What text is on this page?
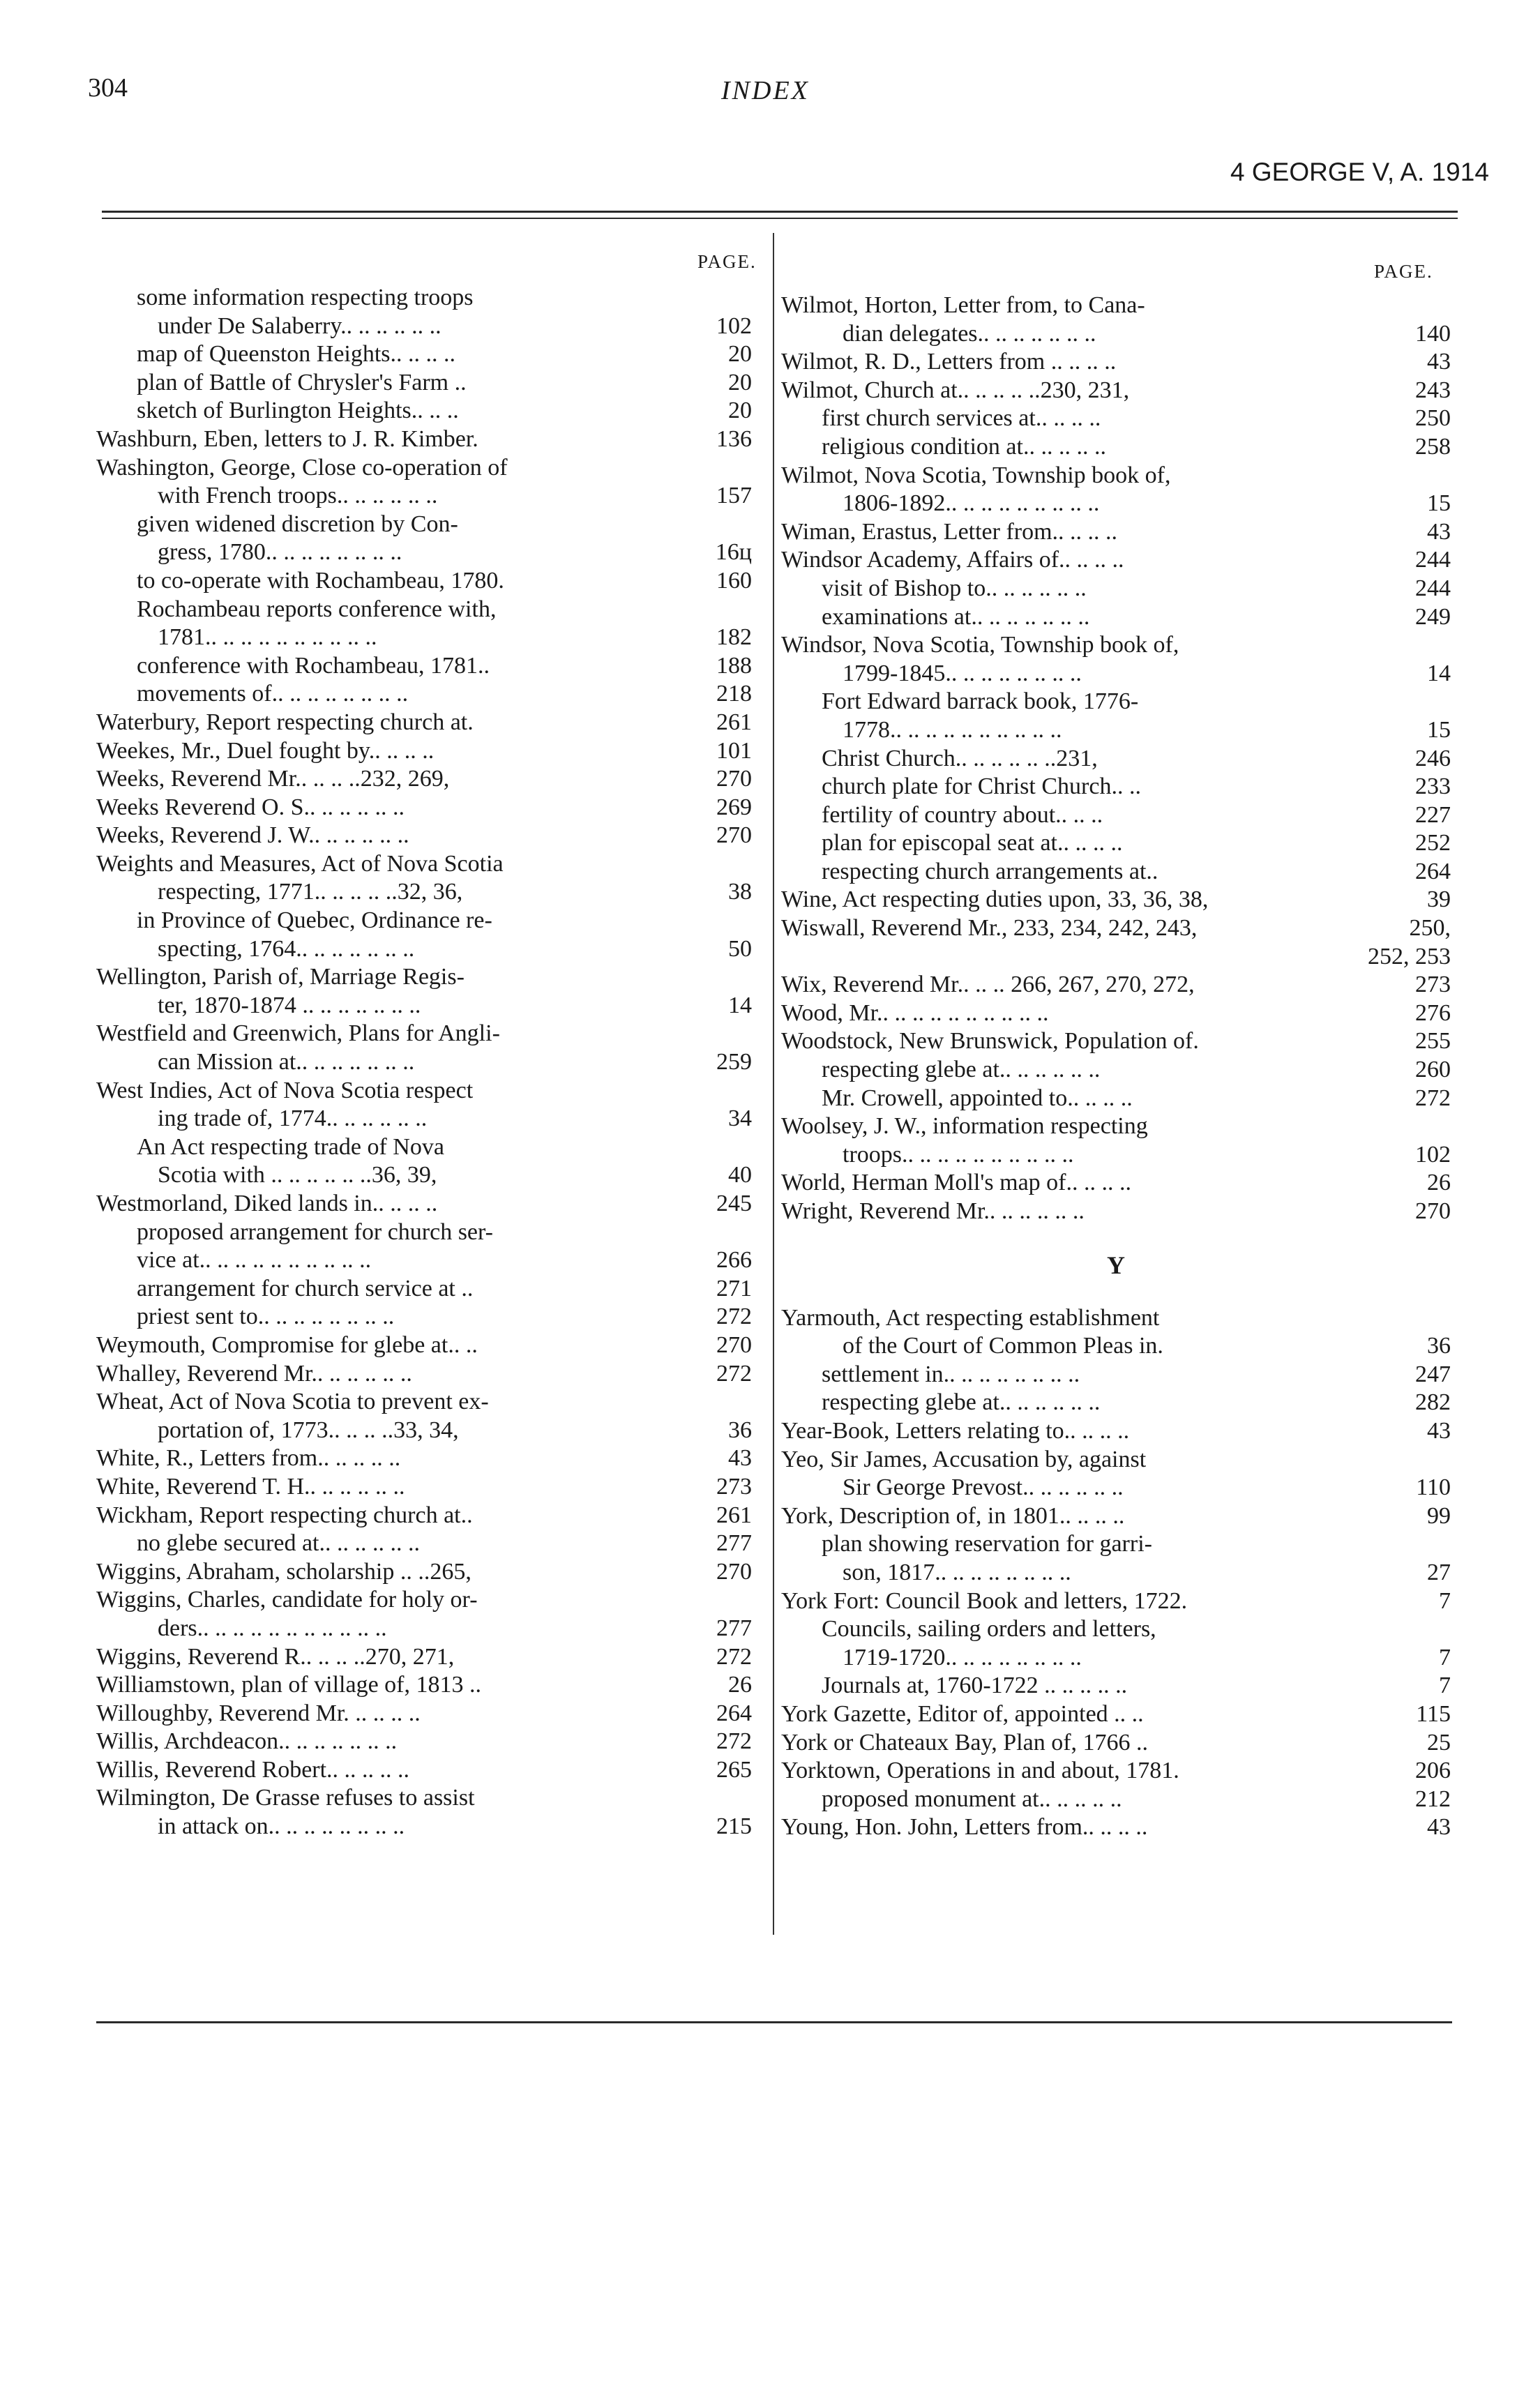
304	INDEX
4 GEORGE V, A. 1914
PAGE.	PAGE.
some information respecting troops
under De Salaberry.. .. .. .. .. ..	102
map of Queenston Heights.. .. .. ..	20
plan of Battle of Chrysler's Farm ..	20
sketch of Burlington Heights.. .. ..	20
Washburn, Eben, letters to J. R. Kimber.	136
Washington, George, Close co-operation of
with French troops.. .. .. .. .. ..	157
given widened discretion by Con-
gress, 1780.. .. .. .. .. .. .. ..	16ц
to co-operate with Rochambeau, 1780.	160
Rochambeau reports conference with,
1781.. .. .. .. .. .. .. .. .. ..	182
conference with Rochambeau, 1781..	188
movements of.. .. .. .. .. .. .. ..	218
Waterbury, Report respecting church at.	261
Weekes, Mr., Duel fought by.. .. .. ..	101
Weeks, Reverend Mr.. .. .. ..232, 269,	270
Weeks Reverend O. S.. .. .. .. .. ..	269
Weeks, Reverend J. W.. .. .. .. .. ..	270
Weights and Measures, Act of Nova Scotia
respecting, 1771.. .. .. .. ..32, 36,	38
in Province of Quebec, Ordinance re-
specting, 1764.. .. .. .. .. .. ..	50
Wellington, Parish of, Marriage Regis-
ter, 1870-1874 .. .. .. .. .. .. ..	14
Westfield and Greenwich, Plans for Angli-
can Mission at.. .. .. .. .. .. ..	259
West Indies, Act of Nova Scotia respect
ing trade of, 1774.. .. .. .. .. ..	34
An Act respecting trade of Nova
Scotia with .. .. .. .. .. ..36, 39,	40
Westmorland, Diked lands in.. .. .. ..	245
proposed arrangement for church ser-
vice at.. .. .. .. .. .. .. .. .. ..	266
arrangement for church service at ..	271
priest sent to.. .. .. .. .. .. .. ..	272
Weymouth, Compromise for glebe at.. ..	270
Whalley, Reverend Mr.. .. .. .. .. ..	272
Wheat, Act of Nova Scotia to prevent ex-
portation of, 1773.. .. .. ..33, 34,	36
White, R., Letters from.. .. .. .. ..	43
White, Reverend T. H.. .. .. .. .. ..	273
Wickham, Report respecting church at..	261
no glebe secured at.. .. .. .. .. ..	277
Wiggins, Abraham, scholarship .. ..265,	270
Wiggins, Charles, candidate for holy or-
ders.. .. .. .. .. .. .. .. .. .. ..	277
Wiggins, Reverend R.. .. .. ..270, 271,	272
Williamstown, plan of village of, 1813 ..	26
Willoughby, Reverend Mr. .. .. .. ..	264
Willis, Archdeacon.. .. .. .. .. .. ..	272
Willis, Reverend Robert.. .. .. .. ..	265
Wilmington, De Grasse refuses to assist
in attack on.. .. .. .. .. .. .. ..	215
Wilmot, Horton, Letter from, to Cana-
dian delegates.. .. .. .. .. .. ..	140
Wilmot, R. D., Letters from .. .. .. ..	43
Wilmot, Church at.. .. .. .. ..230, 231,	243
first church services at.. .. .. ..	250
religious condition at.. .. .. .. ..	258
Wilmot, Nova Scotia, Township book of,
1806-1892.. .. .. .. .. .. .. .. ..	15
Wiman, Erastus, Letter from.. .. .. ..	43
Windsor Academy, Affairs of.. .. .. ..	244
visit of Bishop to.. .. .. .. .. ..	244
examinations at.. .. .. .. .. .. ..	249
Windsor, Nova Scotia, Township book of,
1799-1845.. .. .. .. .. .. .. ..	14
Fort Edward barrack book, 1776-
1778.. .. .. .. .. .. .. .. .. ..	15
Christ Church.. .. .. .. .. ..231,	246
church plate for Christ Church.. ..	233
fertility of country about.. .. ..	227
plan for episcopal seat at.. .. .. ..	252
respecting church arrangements at..	264
Wine, Act respecting duties upon, 33, 36, 38,	39
Wiswall, Reverend Mr., 233, 234, 242, 243,	250,
252, 253
Wix, Reverend Mr.. .. .. 266, 267, 270, 272,	273
Wood, Mr.. .. .. .. .. .. .. .. .. ..	276
Woodstock, New Brunswick, Population of.	255
respecting glebe at.. .. .. .. .. ..	260
Mr. Crowell, appointed to.. .. .. ..	272
Woolsey, J. W., information respecting
troops.. .. .. .. .. .. .. .. .. ..	102
World, Herman Moll's map of.. .. .. ..	26
Wright, Reverend Mr.. .. .. .. .. ..	270
Y
Yarmouth, Act respecting establishment
of the Court of Common Pleas in.	36
settlement in.. .. .. .. .. .. .. ..	247
respecting glebe at.. .. .. .. .. ..	282
Year-Book, Letters relating to.. .. .. ..	43
Yeo, Sir James, Accusation by, against
Sir George Prevost.. .. .. .. .. ..	110
York, Description of, in 1801.. .. .. ..	99
plan showing reservation for garri-
son, 1817.. .. .. .. .. .. .. ..	27
York Fort: Council Book and letters, 1722.	7
Councils, sailing orders and letters,
1719-1720.. .. .. .. .. .. .. ..	7
Journals at, 1760-1722 .. .. .. .. ..	7
York Gazette, Editor of, appointed .. ..	115
York or Chateaux Bay, Plan of, 1766 ..	25
Yorktown, Operations in and about, 1781.	206
proposed monument at.. .. .. .. ..	212
Young, Hon. John, Letters from.. .. .. ..	43
